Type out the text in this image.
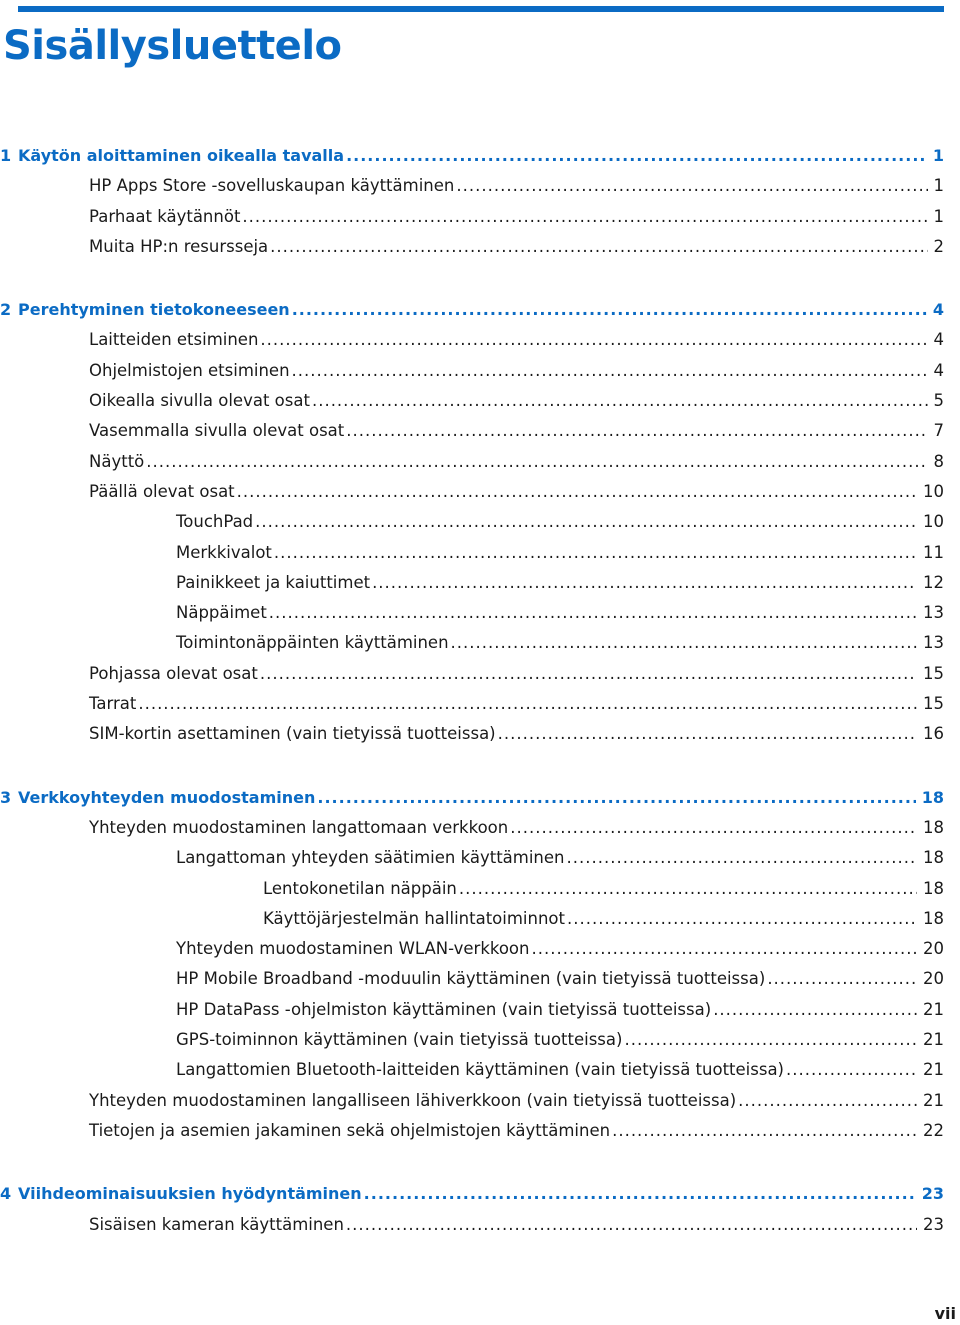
Sisällysluettelo
1 Käytön aloittaminen oikealla tavalla .....	1
HP Apps Store -sovelluskaupan käyttäminen .....	1
Parhaat käytännöt .....	1
Muita HP:n resursseja .....	2
2 Perehtyminen tietokoneeseen .....	4
Laitteiden etsiminen .....	4
Ohjelmistojen etsiminen .....	4
Oikealla sivulla olevat osat .....	5
Vasemmalla sivulla olevat osat .....	7
Näyttö .....	8
Päällä olevat osat .....	10
TouchPad .....	10
Merkkivalot .....	11
Painikkeet ja kaiuttimet .....	12
Näppäimet .....	13
Toimintonäppäinten käyttäminen .....	13
Pohjassa olevat osat .....	15
Tarrat .....	15
SIM-kortin asettaminen (vain tietyissä tuotteissa) .....	16
3 Verkkoyhteyden muodostaminen .....	18
Yhteyden muodostaminen langattomaan verkkoon .....	18
Langattoman yhteyden säätimien käyttäminen .....	18
Lentokonetilan näppäin .....	18
Käyttöjärjestelmän hallintatoiminnot .....	18
Yhteyden muodostaminen WLAN-verkkoon .....	20
HP Mobile Broadband -moduulin käyttäminen (vain tietyissä tuotteissa) .....	20
HP DataPass -ohjelmiston käyttäminen (vain tietyissä tuotteissa) .....	21
GPS-toiminnon käyttäminen (vain tietyissä tuotteissa) .....	21
Langattomien Bluetooth-laitteiden käyttäminen (vain tietyissä tuotteissa) .....	21
Yhteyden muodostaminen langalliseen lähiverkkoon (vain tietyissä tuotteissa) .....	21
Tietojen ja asemien jakaminen sekä ohjelmistojen käyttäminen .....	22
4 Viihdeominaisuuksien hyödyntäminen .....	23
Sisäisen kameran käyttäminen .....	23
vii
